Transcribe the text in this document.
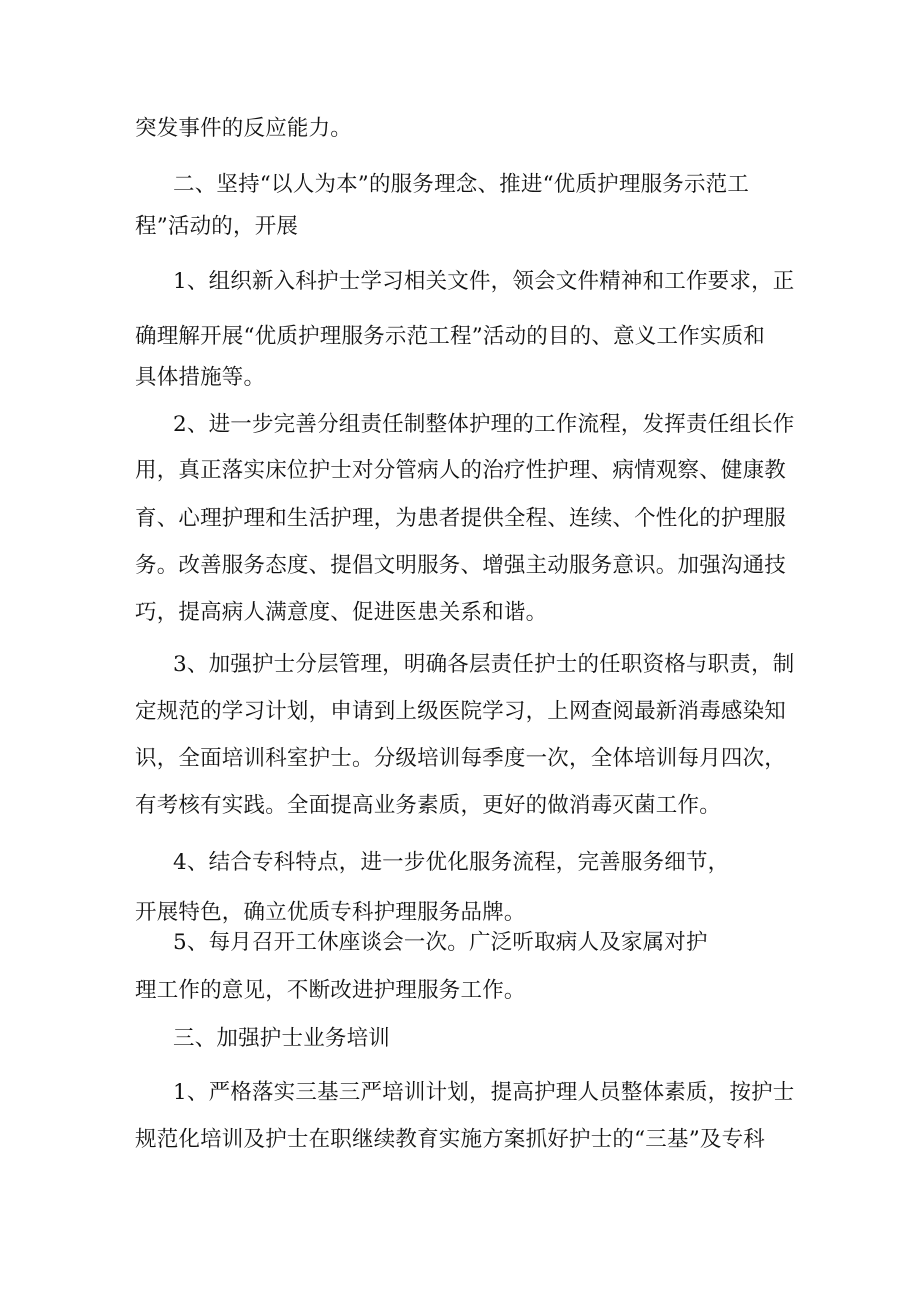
突发事件的反应能力。
二、坚持“以人为本”的服务理念、推进“优质护理服务示范工
程”活动的，开展
1、组织新入科护士学习相关文件，领会文件精神和工作要求，正
确理解开展“优质护理服务示范工程”活动的目的、意义工作实质和
具体措施等。
2、进一步完善分组责任制整体护理的工作流程，发挥责任组长作
用，真正落实床位护士对分管病人的治疗性护理、病情观察、健康教
育、心理护理和生活护理，为患者提供全程、连续、个性化的护理服
务。改善服务态度、提倡文明服务、增强主动服务意识。加强沟通技
巧，提高病人满意度、促进医患关系和谐。
3、加强护士分层管理，明确各层责任护士的任职资格与职责，制
定规范的学习计划，申请到上级医院学习，上网查阅最新消毒感染知
识，全面培训科室护士。分级培训每季度一次，全体培训每月四次，
有考核有实践。全面提高业务素质，更好的做消毒灭菌工作。
4、结合专科特点，进一步优化服务流程，完善服务细节，
开展特色，确立优质专科护理服务品牌。
5、每月召开工休座谈会一次。广泛听取病人及家属对护
理工作的意见，不断改进护理服务工作。
三、加强护士业务培训
1、严格落实三基三严培训计划，提高护理人员整体素质，按护士
规范化培训及护士在职继续教育实施方案抓好护士的“三基”及专科
